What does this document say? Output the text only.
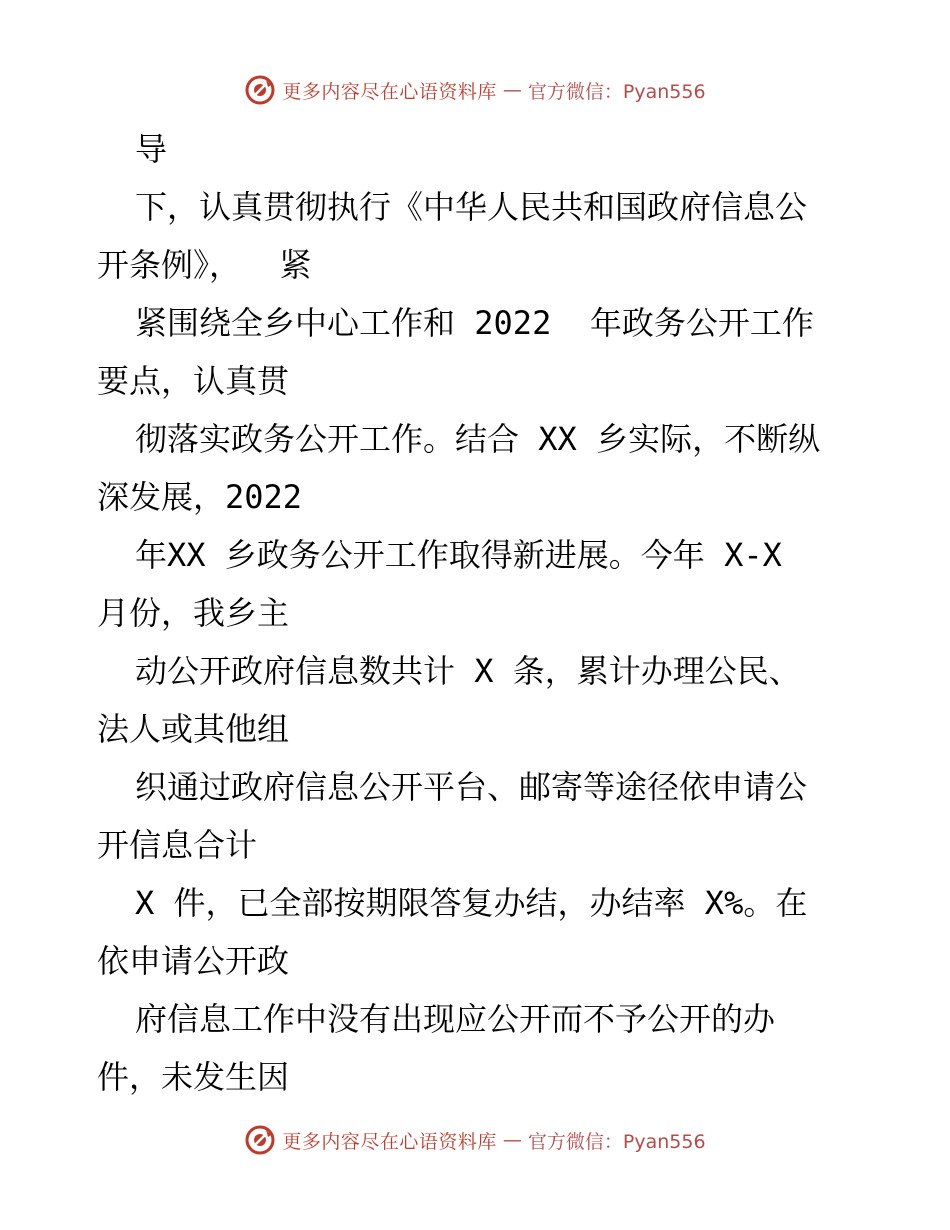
更多内容尽在心语资料库 — 官方微信：Pyan556
导
下，认真贯彻执行《中华人民共和国政府信息公
开条例》，  紧
紧围绕全乡中心工作和 2022  年政务公开工作
要点，认真贯
彻落实政务公开工作。结合 XX 乡实际，不断纵
深发展，2022
年XX 乡政务公开工作取得新进展。今年 X-X
月份，我乡主
动公开政府信息数共计 X 条，累计办理公民、
法人或其他组
织通过政府信息公开平台、邮寄等途径依申请公
开信息合计
X 件，已全部按期限答复办结，办结率 X%。在
依申请公开政
府信息工作中没有出现应公开而不予公开的办
件，未发生因
更多内容尽在心语资料库 — 官方微信：Pyan556
